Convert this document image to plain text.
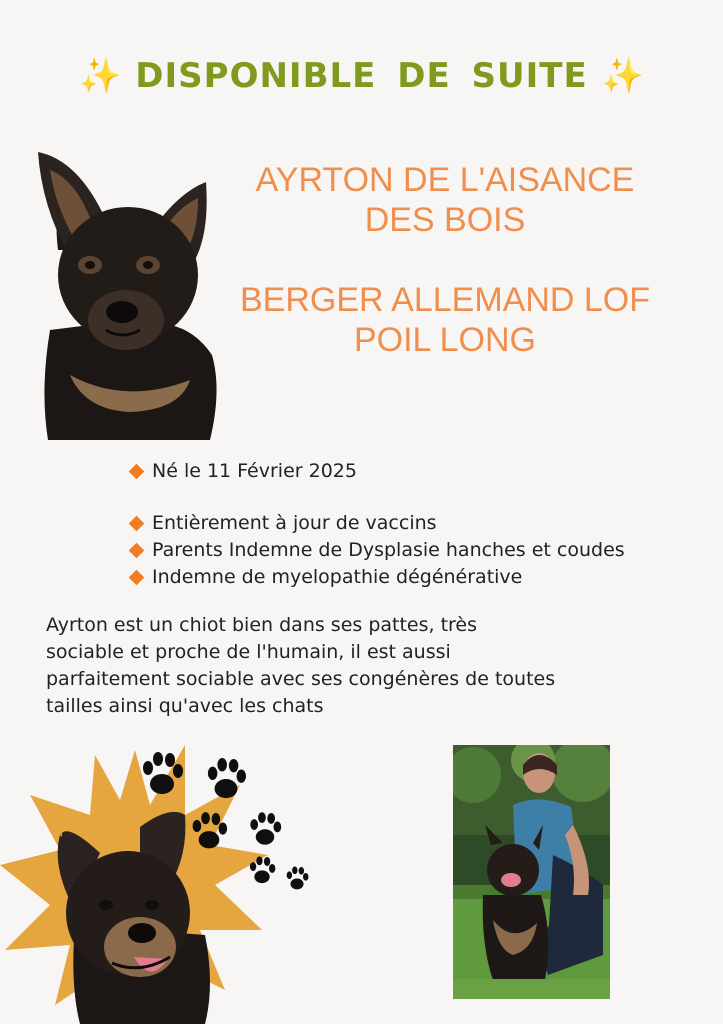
✨ DISPONIBLE DE SUITE ✨
AYRTON DE L'AISANCE
DES BOIS
BERGER ALLEMAND LOF
POIL LONG
Né le 11 Février 2025
Entièrement à jour de vaccins
Parents Indemne de Dysplasie hanches et coudes
Indemne de myelopathie dégénérative
Ayrton est un chiot bien dans ses pattes, très
sociable et proche de l'humain, il est aussi
parfaitement sociable avec ses congénères de toutes
tailles ainsi qu'avec les chats
